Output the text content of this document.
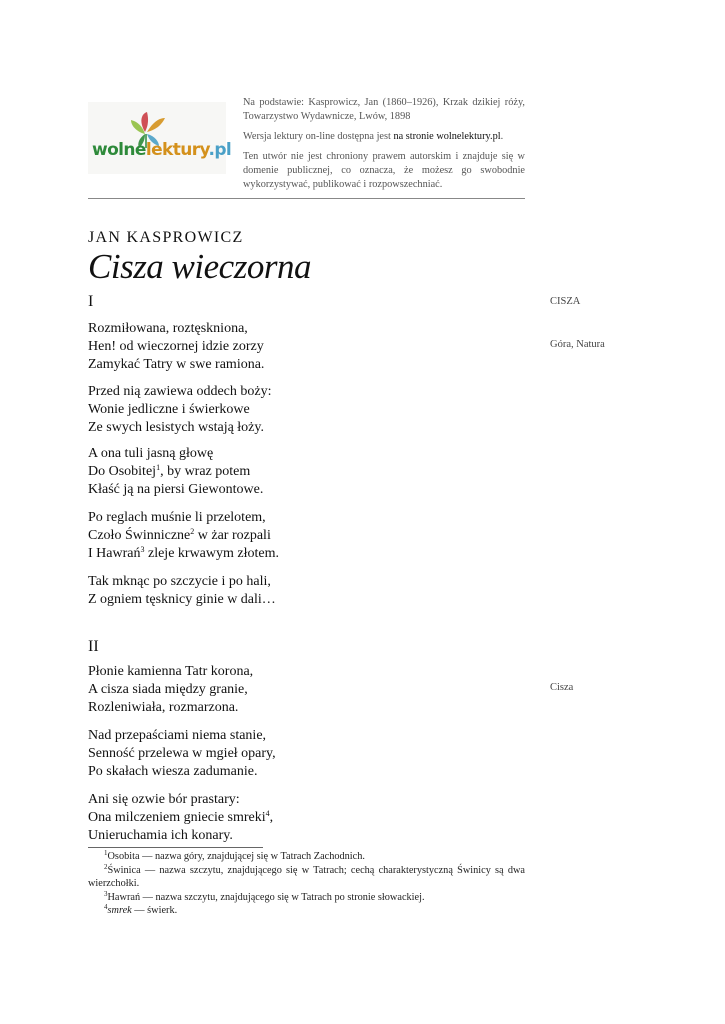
wolnelektury.pl

Na podstawie: Kasprowicz, Jan (1860–1926), Krzak dzikiej róży, Towarzystwo Wydawnicze, Lwów, 1898

Wersja lektury on-line dostępna jest na stronie wolnelektury.pl.

Ten utwór nie jest chroniony prawem autorskim i znajduje się w domenie publicznej, co oznacza, że możesz go swobodnie wykorzystywać, publikować i rozpowszechniać.

JAN KASPROWICZ
Cisza wieczorna
I
Rozmiłowana, roztęskniona,
Hen! od wieczornej idzie zorzy
Zamykać Tatry w swe ramiona.
Przed nią zawiewa oddech boży:
Wonie jedliczne i świerkowe
Ze swych lesistych wstają łoży.
A ona tuli jasną głowę
Do Osobitej$^1$, by wraz potem
Kłaść ją na piersi Giewontowe.
Po reglach muśnie li przelotem,
Czoło Świnniczne$^2$ w żar rozpali
I Hawrań$^3$ zleje krwawym złotem.
Tak mknąc po szczycie i po hali,
Z ogniem tęsknicy ginie w dali…
II
Płonie kamienna Tatr korona,
A cisza siada między granie,
Rozleniwiała, rozmarzona.
Nad przepaściami niema stanie,
Senność przelewa w mgieł opary,
Po skałach wiesza zadumanie.
Ani się ozwie bór prastary:
Ona milczeniem gniecie smreki$^4$,
Unieruchamia ich konary.
CISZA
Góra, Natura
Cisza

$^1$Osobita — nazwa góry, znajdującej się w Tatrach Zachodnich.

$^2$Świnica — nazwa szczytu, znajdującego się w Tatrach; cechą charakterystyczną Świnicy są dwa wierzchołki.

$^3$Hawrań — nazwa szczytu, znajdującego się w Tatrach po stronie słowackiej.

$^4$smrek — świerk.
